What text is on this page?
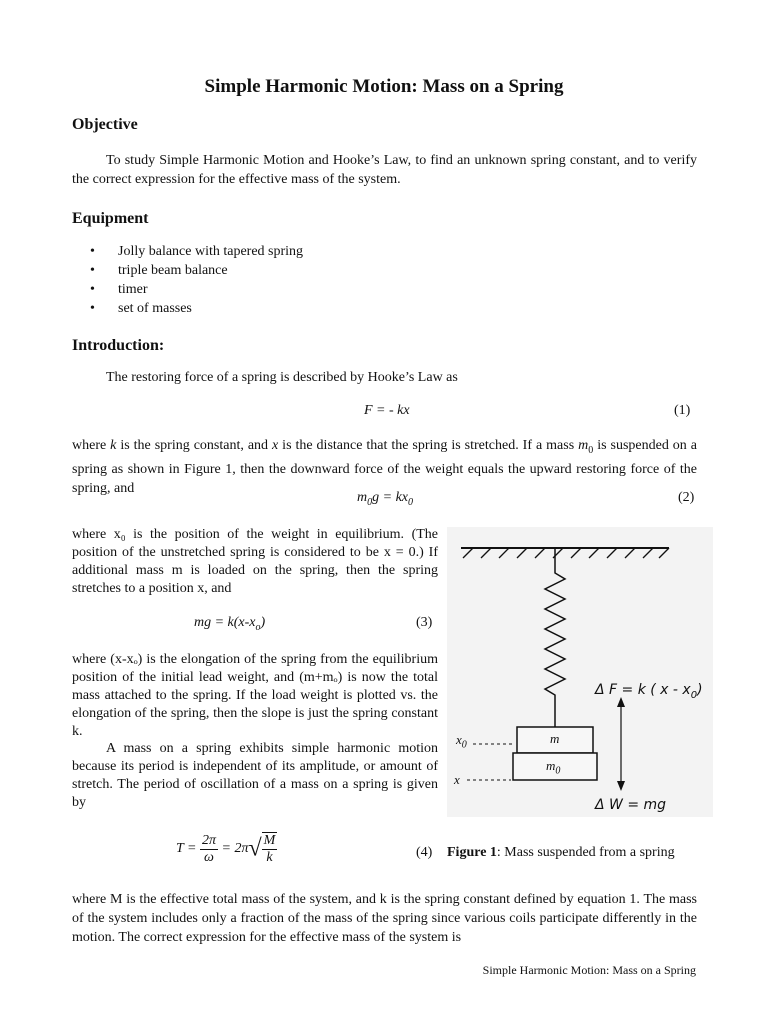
Simple Harmonic Motion: Mass on a Spring
Objective
To study Simple Harmonic Motion and Hooke’s Law, to find an unknown spring constant, and to verify the correct expression for the effective mass of the system.
Equipment
• Jolly balance with tapered spring
• triple beam balance
• timer
• set of masses
Introduction:
The restoring force of a spring is described by Hooke’s Law as
F = - kx	(1)
where k is the spring constant, and x is the distance that the spring is stretched. If a mass $m_0$ is suspended on a spring as shown in Figure 1, then the downward force of the weight equals the upward restoring force of the spring, and
$m_0g = kx_0$	(2)
where x₀ is the position of the weight in equilibrium. (The position of the unstretched spring is considered to be x = 0.) If additional mass m is loaded on the spring, then the spring stretches to a position x, and
mg = $k(x-x_o)$	(3)
where (x-xₒ) is the elongation of the spring from the equilibrium position of the initial lead weight, and (m+mₒ) is now the total mass attached to the spring. If the load weight is plotted vs. the elongation of the spring, then the slope is just the spring constant k.
A mass on a spring exhibits simple harmonic motion because its period is independent of its amplitude, or amount of stretch. The period of oscillation of a mass on a spring is given by
$x_0$
x
m
$m_0$
Δ F = k ( x - $x_0$)
Δ W = mg
$T = \frac{2\pi}{\omega} = 2\pi√ \frac{M}{k}$	(4) Figure 1: Mass suspended from a spring
where M is the effective total mass of the system, and k is the spring constant defined by equation 1. The mass of the system includes only a fraction of the mass of the spring since various coils participate differently in the motion. The correct expression for the effective mass of the system is
Simple Harmonic Motion: Mass on a Spring
